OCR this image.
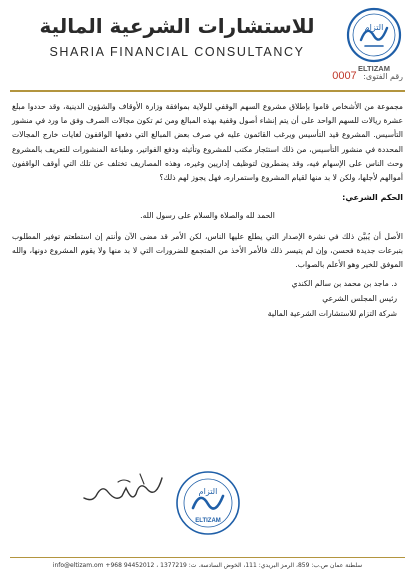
للاستشارات الشرعية المالية
SHARIA FINANCIAL CONSULTANCY
التزام
ELTIZAM
رقم الفتوى: 0007

مجموعة من الأشخاص قاموا بإطلاق مشروع السهم الوقفي للولاية بموافقة وزارة الأوقاف والشؤون الدينية، وقد حددوا مبلغ عشرة ريالات للسهم الواحد على أن يتم إنشاء أصول وقفية بهذه المبالغ ومن ثم تكون مجالات الصرف وفق ما ورد في منشور التأسيس. المشروع قيد التأسيس ويرغب القائمون عليه في صرف بعض المبالغ التي دفعها الواقفون لغايات خارج المجالات المحددة في منشور التأسيس، من ذلك استئجار مكتب للمشروع وتأثيثه ودفع الفواتير، وطباعة المنشورات للتعريف بالمشروع وحث الناس على الإسهام فيه، وقد يضطرون لتوظيف إداريين وغيره، وهذه المصاريف تختلف عن تلك التي أوقف الواقفون أموالهم لأجلها، ولكن لا بد منها لقيام المشروع واستمراره، فهل يجوز لهم ذلك؟

الحكم الشرعي:

الحمد لله والصلاة والسلام على رسول الله.

الأصل أن يُبيَّن ذلك في نشرة الإصدار التي يطلع عليها الناس، لكن الأمر قد مضى الآن وأنتم إن استطعتم توفير المطلوب بتبرعات جديدة فحسن، وإن لم يتيسر ذلك فالأمر الأخذ من المتجمع للضرورات التي لا بد منها ولا يقوم المشروع دونها، والله الموفق للخير وهو الأعلم بالصواب.

د. ماجد بن محمد بن سالم الكندي
رئيس المجلس الشرعي
شركة التزام للاستشارات الشرعية المالية
التزام
ELTIZAM
سلطنة عمان ص.ب: 859، الرمز البريدي: 111، الخوض السادسة. ت: 1377219 ، 94452012 968+ info@eltizam.om
